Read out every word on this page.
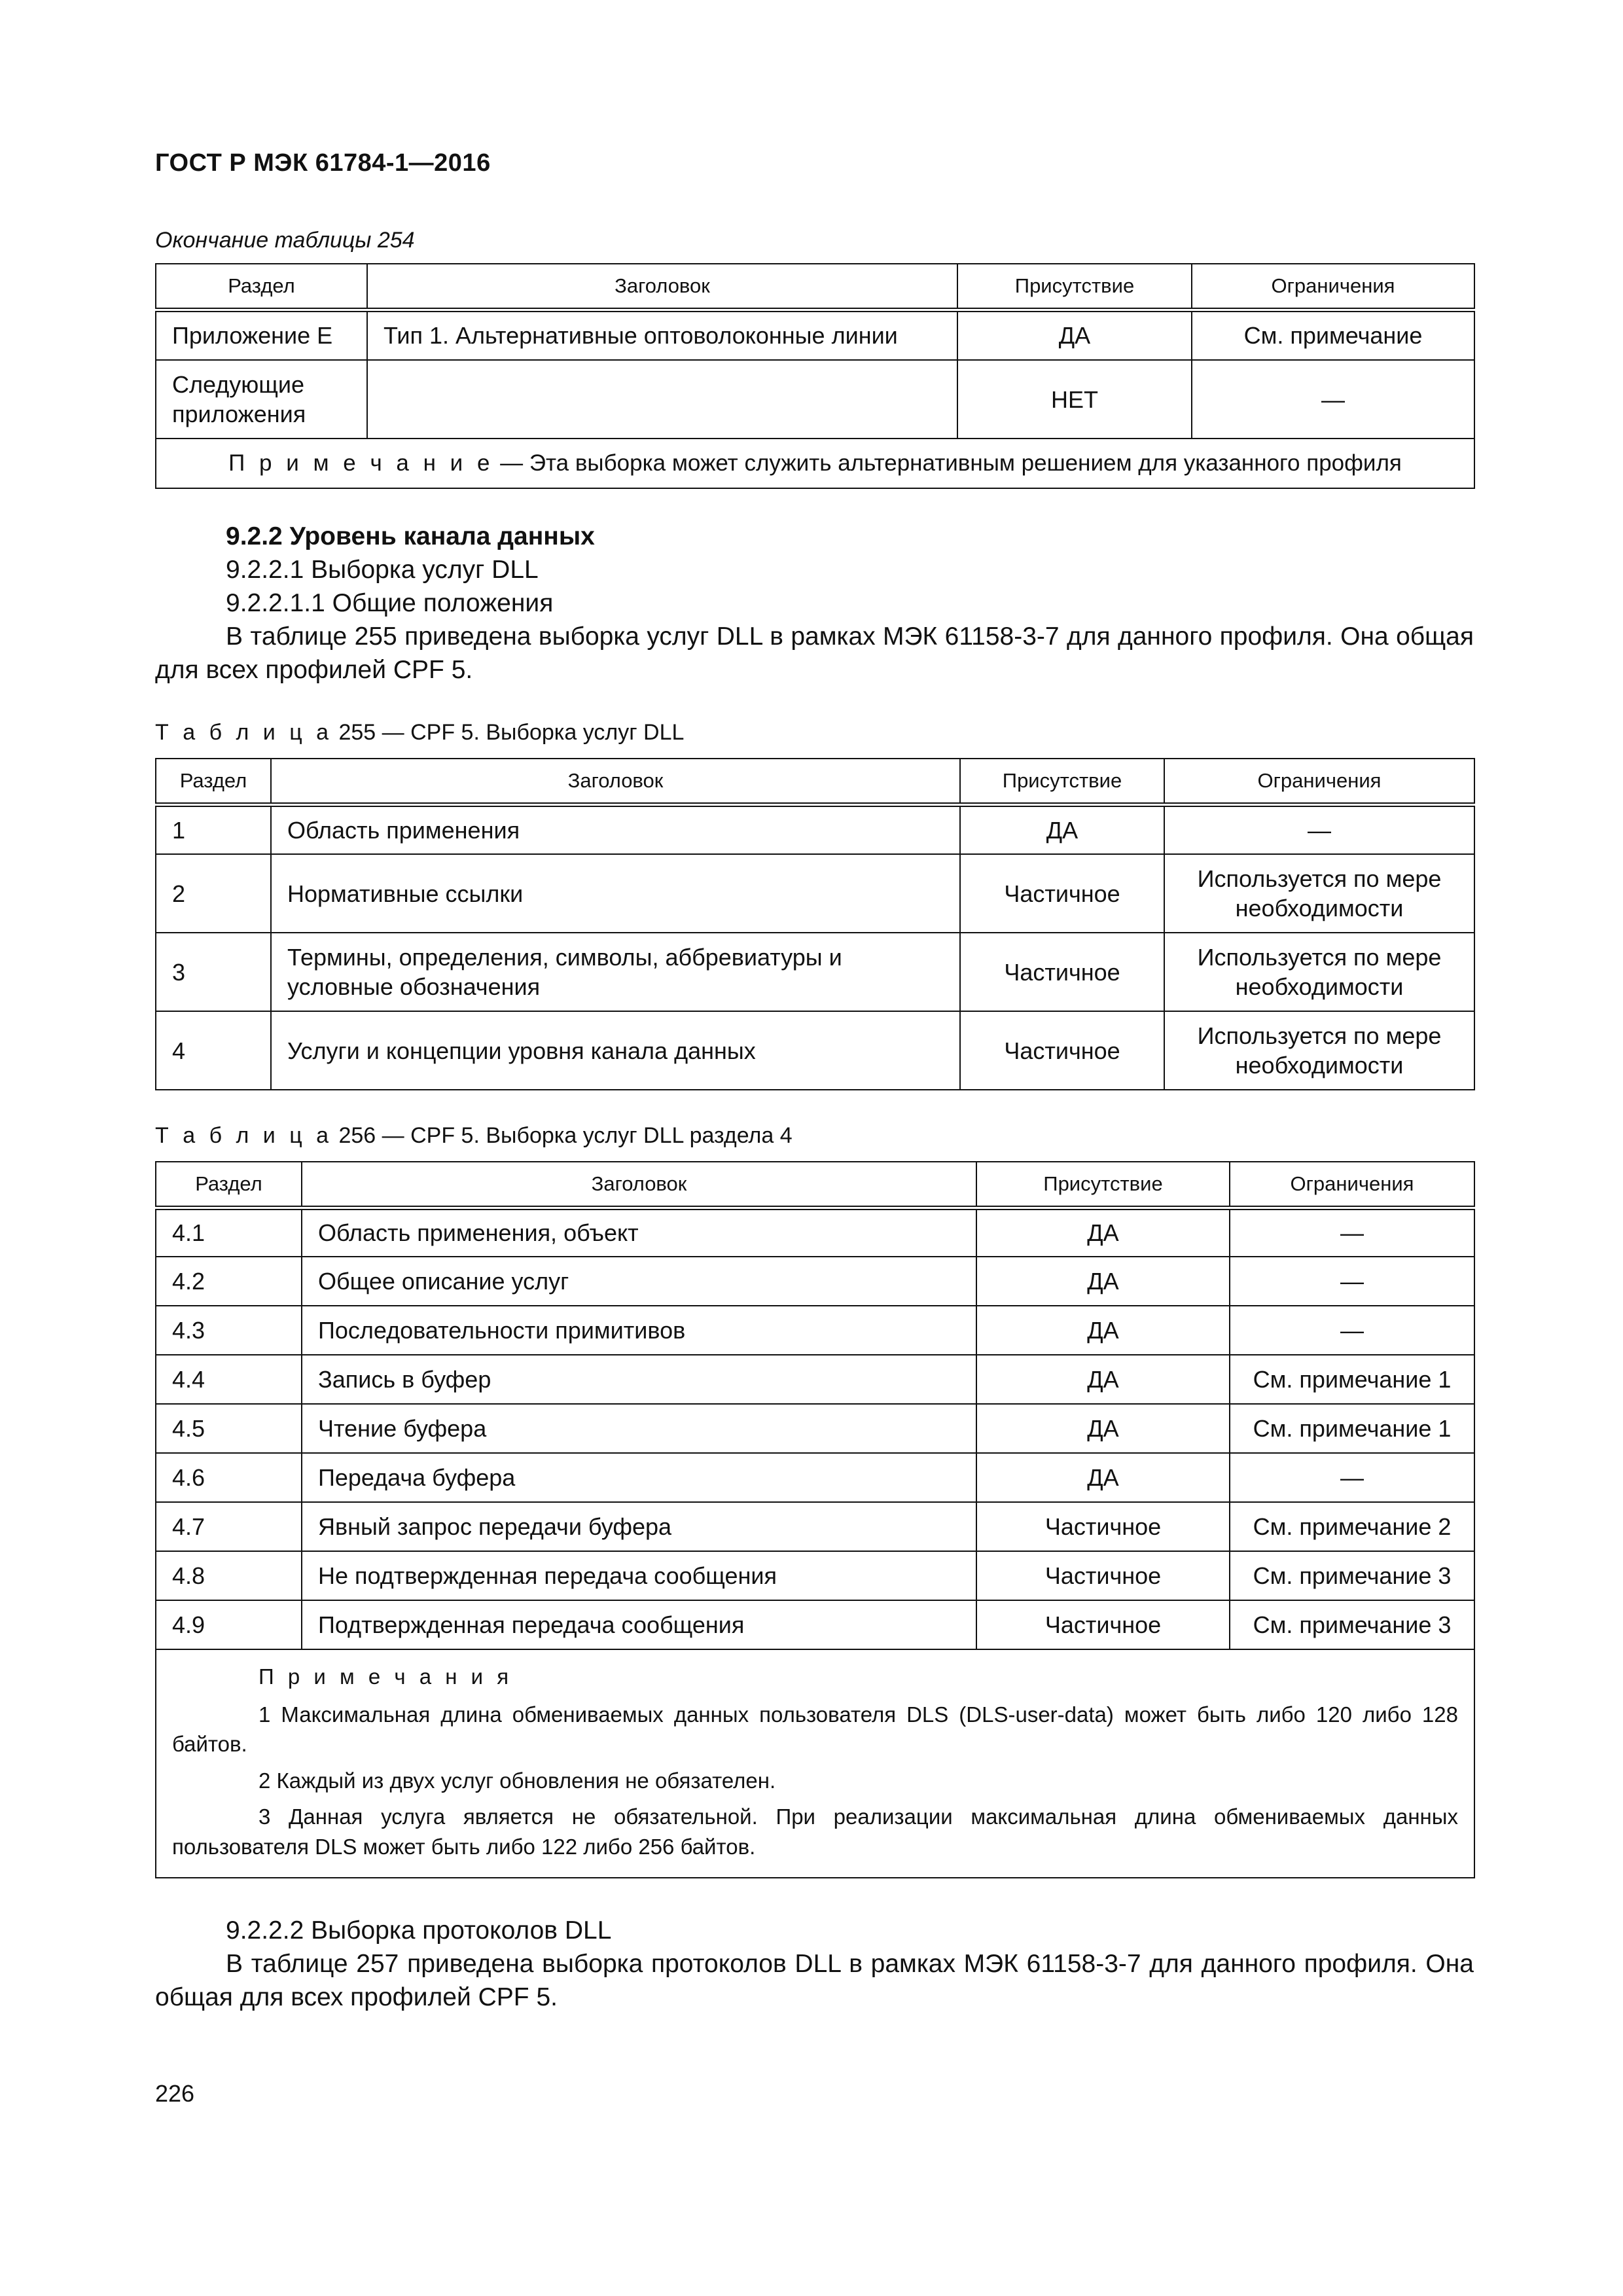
ГОСТ Р МЭК 61784-1—2016
Окончание таблицы 254
Раздел	Заголовок	Присутствие	Ограничения
Приложение E	Тип 1. Альтернативные оптоволоконные линии	ДА	См. примечание
Следующие приложения		НЕТ	—
П р и м е ч а н и е — Эта выборка может служить альтернативным решением для указанного профиля			
9.2.2 Уровень канала данных
9.2.2.1 Выборка услуг DLL
9.2.2.1.1 Общие положения
В таблице 255 приведена выборка услуг DLL в рамках МЭК 61158-3-7 для данного профиля. Она общая для всех профилей CPF 5.
Т а б л и ц а 255 — CPF 5. Выборка услуг DLL
Раздел	Заголовок	Присутствие	Ограничения
1	Область применения	ДА	—
2	Нормативные ссылки	Частичное	Используется по мере необходимости
3	Термины, определения, символы, аббревиатуры и условные обозначения	Частичное	Используется по мере необходимости
4	Услуги и концепции уровня канала данных	Частичное	Используется по мере необходимости
Т а б л и ц а 256 — CPF 5. Выборка услуг DLL раздела 4
Раздел	Заголовок	Присутствие	Ограничения
4.1	Область применения, объект	ДА	—
4.2	Общее описание услуг	ДА	—
4.3	Последовательности примитивов	ДА	—
4.4	Запись в буфер	ДА	См. примечание 1
4.5	Чтение буфера	ДА	См. примечание 1
4.6	Передача буфера	ДА	—
4.7	Явный запрос передачи буфера	Частичное	См. примечание 2
4.8	Не подтвержденная передача сообщения	Частичное	См. примечание 3
4.9	Подтвержденная передача сообщения	Частичное	См. примечание 3

П р и м е ч а н и я

1 Максимальная длина обмениваемых данных пользователя DLS (DLS-user-data) может быть либо 120 либо 128 байтов.

2 Каждый из двух услуг обновления не обязателен.

3 Данная услуга является не обязательной. При реализации максимальная длина обмениваемых данных пользователя DLS может быть либо 122 либо 256 байтов.			

9.2.2.2 Выборка протоколов DLL
В таблице 257 приведена выборка протоколов DLL в рамках МЭК 61158-3-7 для данного профиля. Она общая для всех профилей CPF 5.
226
